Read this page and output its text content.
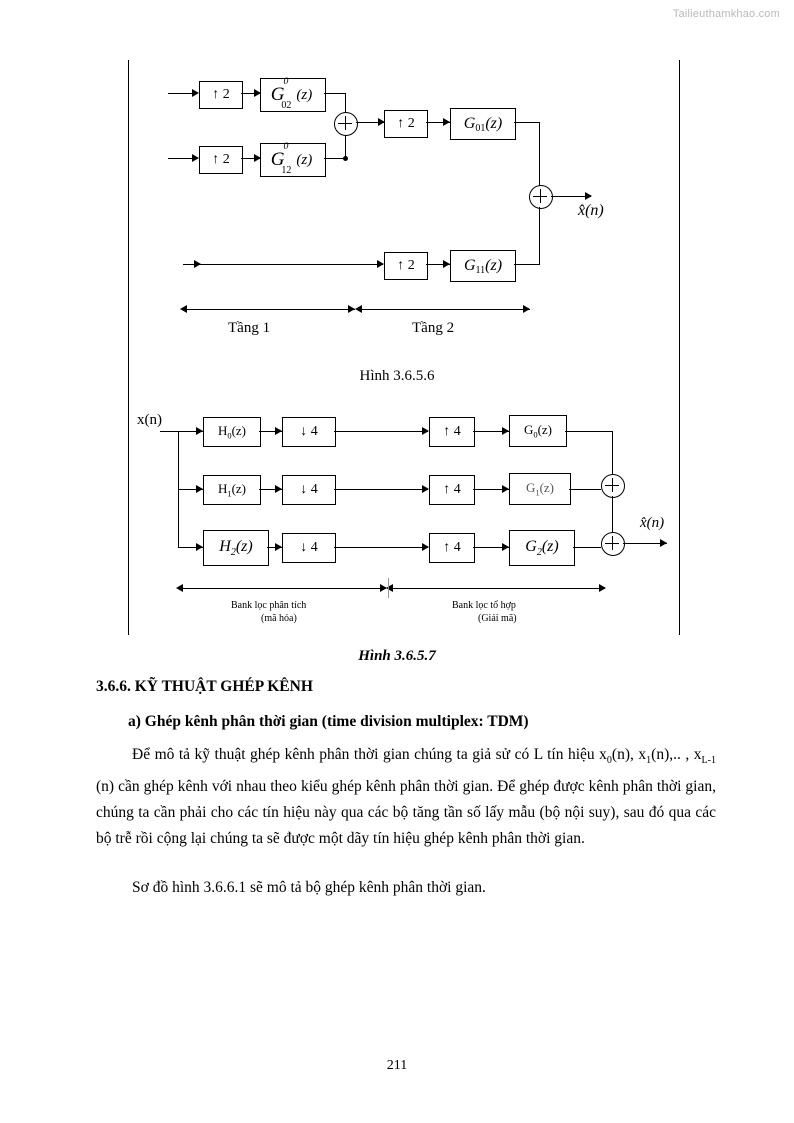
Tailieuthamkhao.com
↑ 2	G
$^0_{02}$
(z)
↑ 2	G
$^0_{12}$
(z)
↑ 2	$G_{01}$ (z)
x̂(n)
↑ 2	$G_{11}$ (z)
Tầng 1	Tầng 2
Hình 3.6.5.6
x(n)
$H_0(z)$	↓ 4	↑ 4	$G_0(z)$
$H_1(z)$	↓ 4	↑ 4	$G_1(z)$
$H_2(z)$	↓ 4	↑ 4	$G_2(z)$
x̂(n)
Bank lọc phân tích
(mã hóa)
Bank lọc tổ hợp
(Giải mã)
Hình 3.6.5.7
3.6.6. KỸ THUẬT GHÉP KÊNH
a) Ghép kênh phân thời gian (time division multiplex: TDM)
Để mô tả kỹ thuật ghép kênh phân thời gian chúng ta giả sử có L tín hiệu $x_0(n)$, $x_1(n)$,.. , $x_{L-1}$ (n) cần ghép kênh với nhau theo kiểu ghép kênh phân thời gian. Để ghép được kênh phân thời gian, chúng ta cần phải cho các tín hiệu này qua các bộ tăng tần số lấy mẫu (bộ nội suy), sau đó qua các bộ trễ rồi cộng lại chúng ta sẽ được một dãy tín hiệu ghép kênh phân thời gian.
Sơ đồ hình 3.6.6.1 sẽ mô tả bộ ghép kênh phân thời gian.
211
